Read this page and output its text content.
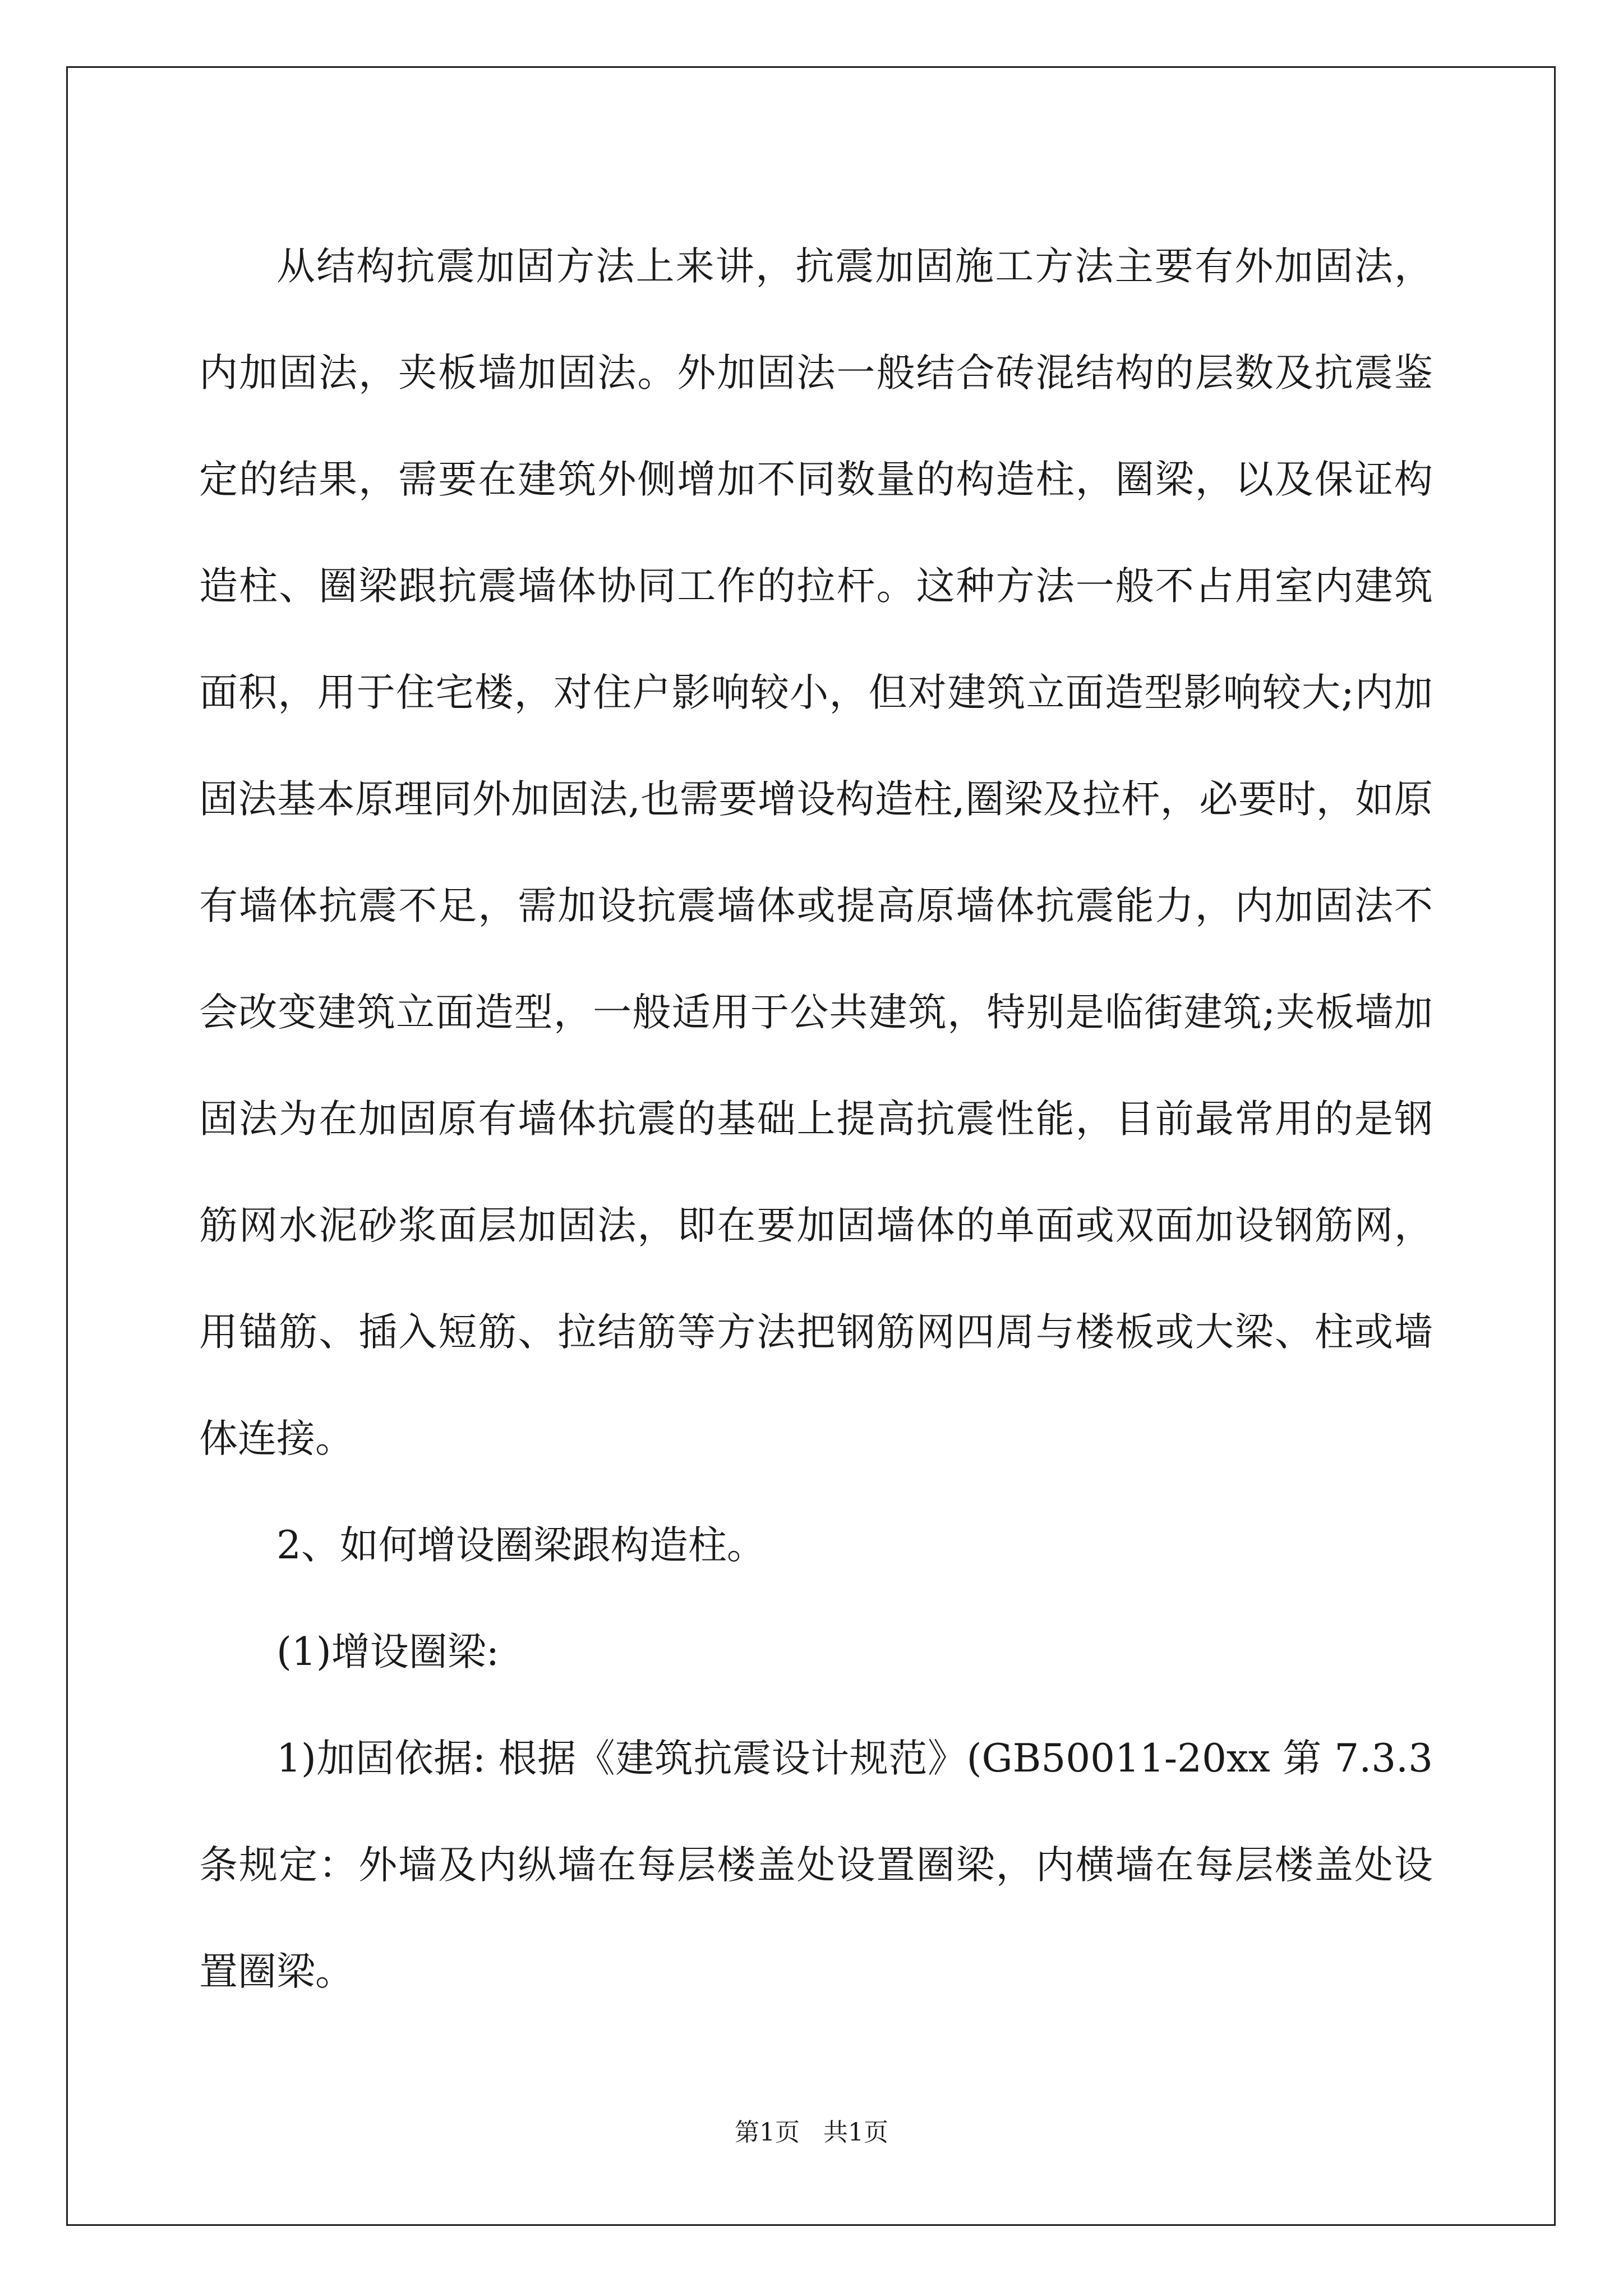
从结构抗震加固方法上来讲，抗震加固施工方法主要有外加固法，内加固法，夹板墙加固法。外加固法一般结合砖混结构的层数及抗震鉴定的结果，需要在建筑外侧增加不同数量的构造柱，圈梁，以及保证构造柱、圈梁跟抗震墙体协同工作的拉杆。这种方法一般不占用室内建筑面积，用于住宅楼，对住户影响较小，但对建筑立面造型影响较大;内加固法基本原理同外加固法,也需要增设构造柱,圈梁及拉杆，必要时，如原有墙体抗震不足，需加设抗震墙体或提高原墙体抗震能力，内加固法不会改变建筑立面造型，一般适用于公共建筑，特别是临街建筑;夹板墙加固法为在加固原有墙体抗震的基础上提高抗震性能，目前最常用的是钢筋网水泥砂浆面层加固法，即在要加固墙体的单面或双面加设钢筋网，用锚筋、插入短筋、拉结筋等方法把钢筋网四周与楼板或大梁、柱或墙体连接。

2、如何增设圈梁跟构造柱。

(1)增设圈梁:

1)加固依据: 根据《建筑抗震设计规范》(GB50011-20xx 第 7.3.3 条规定：外墙及内纵墙在每层楼盖处设置圈梁，内横墙在每层楼盖处设置圈梁。

第1页   共1页
